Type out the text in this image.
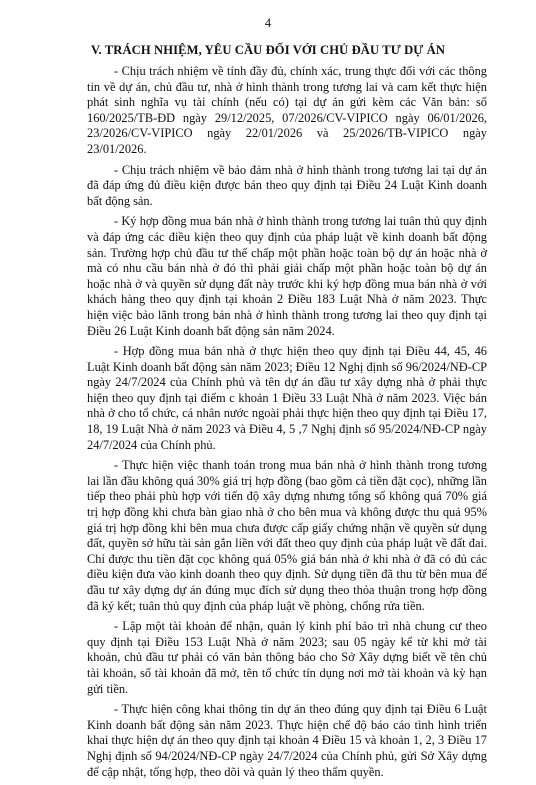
4
V. TRÁCH NHIỆM, YÊU CẦU ĐỐI VỚI CHỦ ĐẦU TƯ DỰ ÁN

- Chịu trách nhiệm về tính đầy đủ, chính xác, trung thực đối với các thông tin về dự án, chủ đầu tư, nhà ở hình thành trong tương lai và cam kết thực hiện phát sinh nghĩa vụ tài chính (nếu có) tại dự án gửi kèm các Văn bản: số 160/2025/TB-ĐD ngày 29/12/2025, 07/2026/CV-VIPICO ngày 06/01/2026, 23/2026/CV-VIPICO ngày 22/01/2026 và 25/2026/TB-VIPICO ngày 23/01/2026.

- Chịu trách nhiệm về bảo đảm nhà ở hình thành trong tương lai tại dự án đã đáp ứng đủ điều kiện được bán theo quy định tại Điều 24 Luật Kinh doanh bất động sản.

- Ký hợp đồng mua bán nhà ở hình thành trong tương lai tuân thủ quy định và đáp ứng các điều kiện theo quy định của pháp luật về kinh doanh bất động sản. Trường hợp chủ đầu tư thế chấp một phần hoặc toàn bộ dự án hoặc nhà ở mà có nhu cầu bán nhà ở đó thì phải giải chấp một phần hoặc toàn bộ dự án hoặc nhà ở và quyền sử dụng đất này trước khi ký hợp đồng mua bán nhà ở với khách hàng theo quy định tại khoản 2 Điều 183 Luật Nhà ở năm 2023. Thực hiện việc bảo lãnh trong bán nhà ở hình thành trong tương lai theo quy định tại Điều 26 Luật Kinh doanh bất động sản năm 2024.

- Hợp đồng mua bán nhà ở thực hiện theo quy định tại Điều 44, 45, 46 Luật Kinh doanh bất động sản năm 2023; Điều 12 Nghị định số 96/2024/NĐ-CP ngày 24/7/2024 của Chính phủ và tên dự án đầu tư xây dựng nhà ở phải thực hiện theo quy định tại điểm c khoản 1 Điều 33 Luật Nhà ở năm 2023. Việc bán nhà ở cho tổ chức, cá nhân nước ngoài phải thực hiện theo quy định tại Điều 17, 18, 19 Luật Nhà ở năm 2023 và Điều 4, 5 ,7 Nghị định số 95/2024/NĐ-CP ngày 24/7/2024 của Chính phủ.

- Thực hiện việc thanh toán trong mua bán nhà ở hình thành trong tương lai lần đầu không quá 30% giá trị hợp đồng (bao gồm cả tiền đặt cọc), những lần tiếp theo phải phù hợp với tiến độ xây dựng nhưng tổng số không quá 70% giá trị hợp đồng khi chưa bàn giao nhà ở cho bên mua và không được thu quá 95% giá trị hợp đồng khi bên mua chưa được cấp giấy chứng nhận về quyền sử dụng đất, quyền sở hữu tài sản gắn liền với đất theo quy định của pháp luật về đất đai. Chỉ được thu tiền đặt cọc không quá 05% giá bán nhà ở khi nhà ở đã có đủ các điều kiện đưa vào kinh doanh theo quy định. Sử dụng tiền đã thu từ bên mua để đầu tư xây dựng dự án đúng mục đích sử dụng theo thỏa thuận trong hợp đồng đã ký kết; tuân thủ quy định của pháp luật về phòng, chống rửa tiền.

- Lập một tài khoản để nhận, quản lý kinh phí bảo trì nhà chung cư theo quy định tại Điều 153 Luật Nhà ở năm 2023; sau 05 ngày kể từ khi mở tài khoản, chủ đầu tư phải có văn bản thông báo cho Sở Xây dựng biết về tên chủ tài khoản, số tài khoản đã mở, tên tổ chức tín dụng nơi mở tài khoản và kỳ hạn gửi tiền.

- Thực hiện công khai thông tin dự án theo đúng quy định tại Điều 6 Luật Kinh doanh bất động sản năm 2023. Thực hiện chế độ báo cáo tình hình triển khai thực hiện dự án theo quy định tại khoản 4 Điều 15 và khoản 1, 2, 3 Điều 17 Nghị định số 94/2024/NĐ-CP ngày 24/7/2024 của Chính phủ, gửi Sở Xây dựng để cập nhật, tổng hợp, theo dõi và quản lý theo thẩm quyền.
